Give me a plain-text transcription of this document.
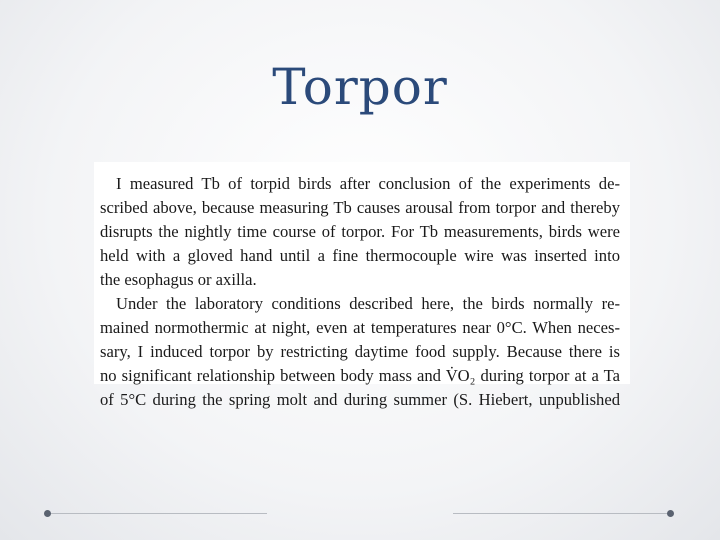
Torpor
I measured Tb of torpid birds after conclusion of the experiments de-
scribed above, because measuring Tb causes arousal from torpor and thereby
disrupts the nightly time course of torpor. For Tb measurements, birds were
held with a gloved hand until a fine thermocouple wire was inserted into
the esophagus or axilla.
Under the laboratory conditions described here, the birds normally re-
mained normothermic at night, even at temperatures near 0°C. When neces-
sary, I induced torpor by restricting daytime food supply. Because there is
no significant relationship between body mass and V̇O₂ during torpor at a Ta
of 5°C during the spring molt and during summer (S. Hiebert, unpublished
